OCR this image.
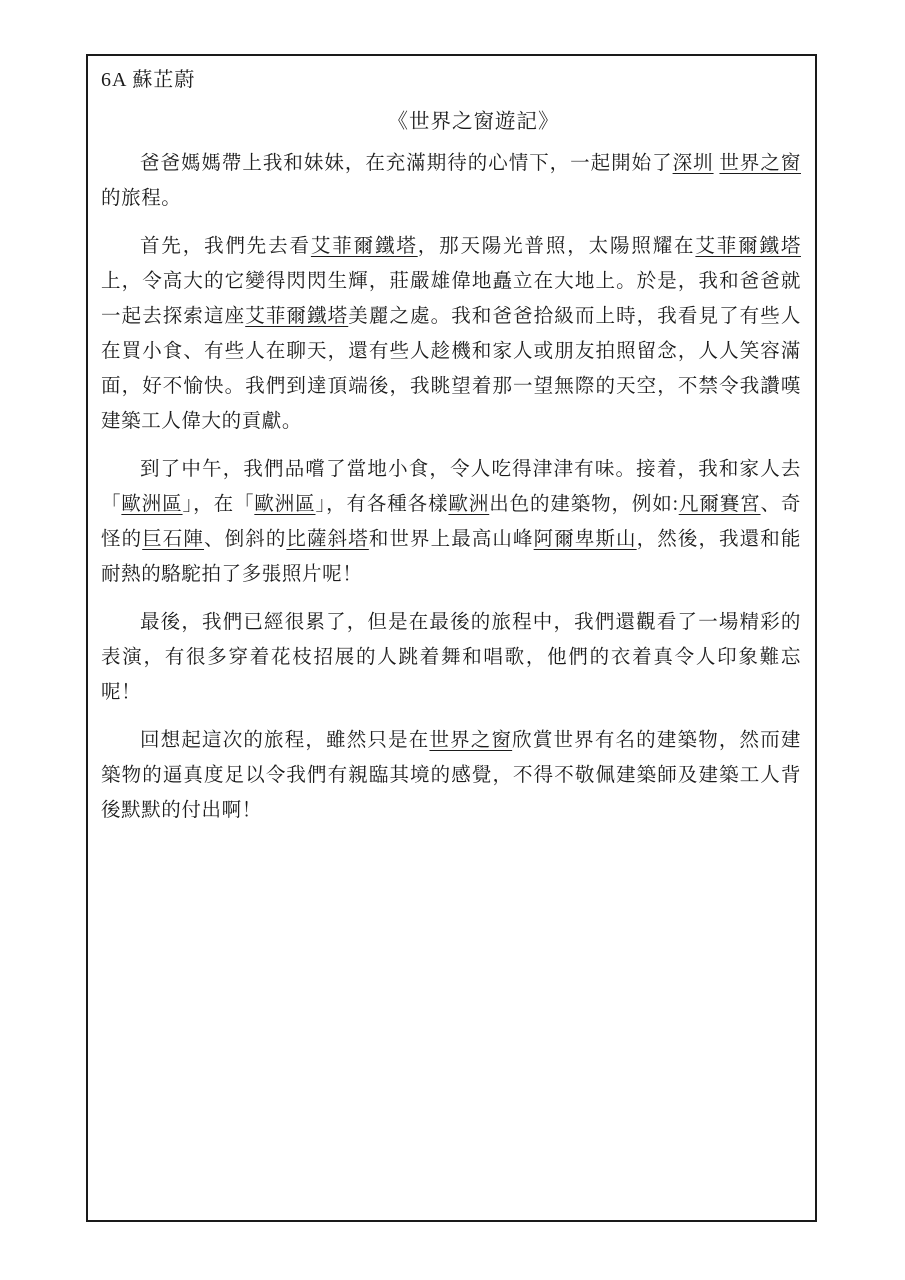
6A 蘇芷蔚
《世界之窗遊記》

爸爸媽媽帶上我和妹妹，在充滿期待的心情下，一起開始了深圳 世界之窗的旅程。

首先，我們先去看艾菲爾鐵塔，那天陽光普照，太陽照耀在艾菲爾鐵塔上，令高大的它變得閃閃生輝，莊嚴雄偉地矗立在大地上。於是，我和爸爸就一起去探索這座艾菲爾鐵塔美麗之處。我和爸爸拾級而上時，我看見了有些人在買小食、有些人在聊天，還有些人趁機和家人或朋友拍照留念，人人笑容滿面，好不愉快。我們到達頂端後，我眺望着那一望無際的天空，不禁令我讚嘆建築工人偉大的貢獻。

到了中午，我們品嚐了當地小食，令人吃得津津有味。接着，我和家人去「歐洲區」，在「歐洲區」，有各種各樣歐洲出色的建築物，例如:凡爾賽宮、奇怪的巨石陣、倒斜的比薩斜塔和世界上最高山峰阿爾卑斯山，然後，我還和能耐熱的駱駝拍了多張照片呢！

最後，我們已經很累了，但是在最後的旅程中，我們還觀看了一場精彩的表演，有很多穿着花枝招展的人跳着舞和唱歌，他們的衣着真令人印象難忘呢！

回想起這次的旅程，雖然只是在世界之窗欣賞世界有名的建築物，然而建築物的逼真度足以令我們有親臨其境的感覺，不得不敬佩建築師及建築工人背後默默的付出啊！
